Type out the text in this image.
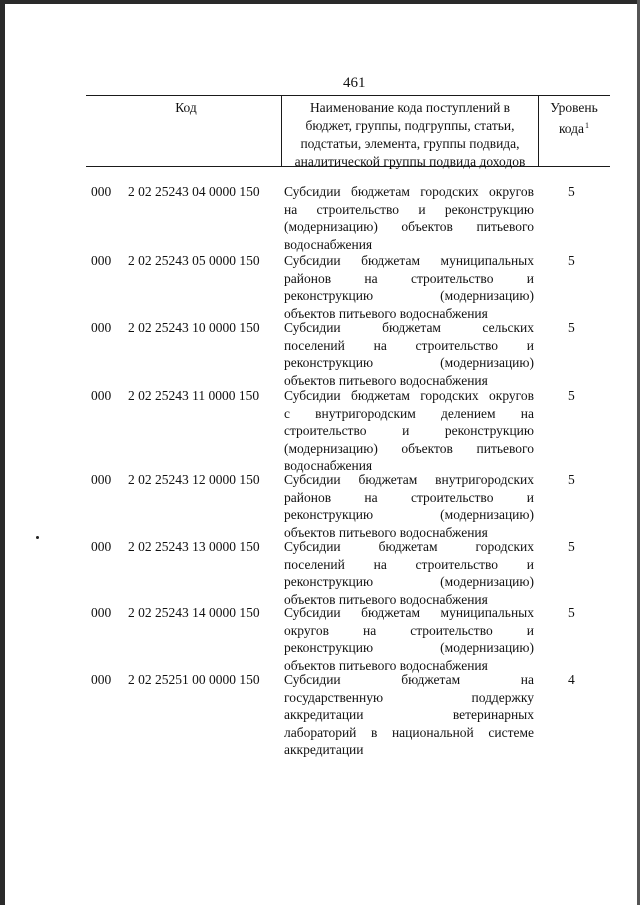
461
Код	Наименование кода поступлений в
бюджет, группы, подгруппы, статьи,
подстатьи, элемента, группы подвида,
аналитической группы подвида доходов
Уровень
кода$^1$
000 2 02 25243 04 0000 150 Субсидии бюджетам городских округов
на строительство и реконструкцию
(модернизацию) объектов питьевого
водоснабжения
5
000 2 02 25243 05 0000 150 Субсидии бюджетам муниципальных
районов на строительство и
реконструкцию (модернизацию)
объектов питьевого водоснабжения
5
000 2 02 25243 10 0000 150 Субсидии бюджетам сельских
поселений на строительство и
реконструкцию (модернизацию)
объектов питьевого водоснабжения
5
000 2 02 25243 11 0000 150 Субсидии бюджетам городских округов
с внутригородским делением на
строительство и реконструкцию
(модернизацию) объектов питьевого
водоснабжения
5
000 2 02 25243 12 0000 150 Субсидии бюджетам внутригородских
районов на строительство и
реконструкцию (модернизацию)
объектов питьевого водоснабжения
5
000 2 02 25243 13 0000 150 Субсидии бюджетам городских
поселений на строительство и
реконструкцию (модернизацию)
объектов питьевого водоснабжения
5
000 2 02 25243 14 0000 150 Субсидии бюджетам муниципальных
округов на строительство и
реконструкцию (модернизацию)
объектов питьевого водоснабжения
5
000 2 02 25251 00 0000 150 Субсидии бюджетам на
государственную поддержку
аккредитации ветеринарных
лабораторий в национальной системе
аккредитации
4
